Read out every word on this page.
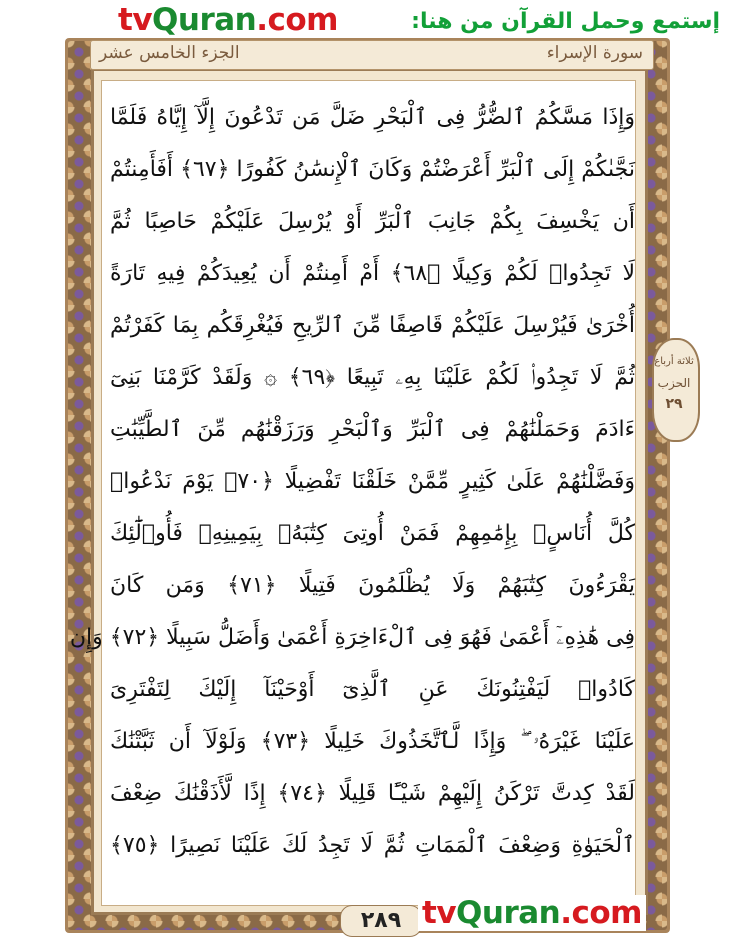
tvQuran.com	إستمع وحمل القرآن من هنا:
الجزء الخامس عشر	سورة الإسراء
وَإِذَا مَسَّكُمُ ٱلضُّرُّ فِى ٱلْبَحْرِ ضَلَّ مَن تَدْعُونَ إِلَّآ إِيَّاهُ فَلَمَّا
نَجَّىٰكُمْ إِلَى ٱلْبَرِّ أَعْرَضْتُمْ وَكَانَ ٱلْإِنسَٰنُ كَفُورًا ﴿٦٧﴾ أَفَأَمِنتُمْ
أَن يَخْسِفَ بِكُمْ جَانِبَ ٱلْبَرِّ أَوْ يُرْسِلَ عَلَيْكُمْ حَاصِبًا ثُمَّ
لَا تَجِدُوا۟ لَكُمْ وَكِيلًا ﴿٦٨﴾ أَمْ أَمِنتُمْ أَن يُعِيدَكُمْ فِيهِ تَارَةً
أُخْرَىٰ فَيُرْسِلَ عَلَيْكُمْ قَاصِفًا مِّنَ ٱلرِّيحِ فَيُغْرِقَكُم بِمَا كَفَرْتُمْ
ثُمَّ لَا تَجِدُوا۟ لَكُمْ عَلَيْنَا بِهِۦ تَبِيعًا ﴿٦٩﴾ ۞ وَلَقَدْ كَرَّمْنَا بَنِىٓ
ءَادَمَ وَحَمَلْنَٰهُمْ فِى ٱلْبَرِّ وَٱلْبَحْرِ وَرَزَقْنَٰهُم مِّنَ ٱلطَّيِّبَٰتِ
وَفَضَّلْنَٰهُمْ عَلَىٰ كَثِيرٍ مِّمَّنْ خَلَقْنَا تَفْضِيلًا ﴿٧٠﴾ يَوْمَ نَدْعُوا۟
كُلَّ أُنَاسٍۭ بِإِمَٰمِهِمْ فَمَنْ أُوتِىَ كِتَٰبَهُۥ بِيَمِينِهِۦ فَأُو۟لَٰٓئِكَ
يَقْرَءُونَ كِتَٰبَهُمْ وَلَا يُظْلَمُونَ فَتِيلًا ﴿٧١﴾ وَمَن كَانَ
فِى هَٰذِهِۦٓ أَعْمَىٰ فَهُوَ فِى ٱلْءَاخِرَةِ أَعْمَىٰ وَأَضَلُّ سَبِيلًا ﴿٧٢﴾ وَإِن
كَادُوا۟ لَيَفْتِنُونَكَ عَنِ ٱلَّذِىٓ أَوْحَيْنَآ إِلَيْكَ لِتَفْتَرِىَ
عَلَيْنَا غَيْرَهُۥ ۖ وَإِذًا لَّٱتَّخَذُوكَ خَلِيلًا ﴿٧٣﴾ وَلَوْلَآ أَن ثَبَّتْنَٰكَ
لَقَدْ كِدتَّ تَرْكَنُ إِلَيْهِمْ شَيْـًٔا قَلِيلًا ﴿٧٤﴾ إِذًا لَّأَذَقْنَٰكَ ضِعْفَ
ٱلْحَيَوٰةِ وَضِعْفَ ٱلْمَمَاتِ ثُمَّ لَا تَجِدُ لَكَ عَلَيْنَا نَصِيرًا ﴿٧٥﴾
ثلاثة أرباع
الحزب
٢٩
٢٨٩ tvQuran.com
